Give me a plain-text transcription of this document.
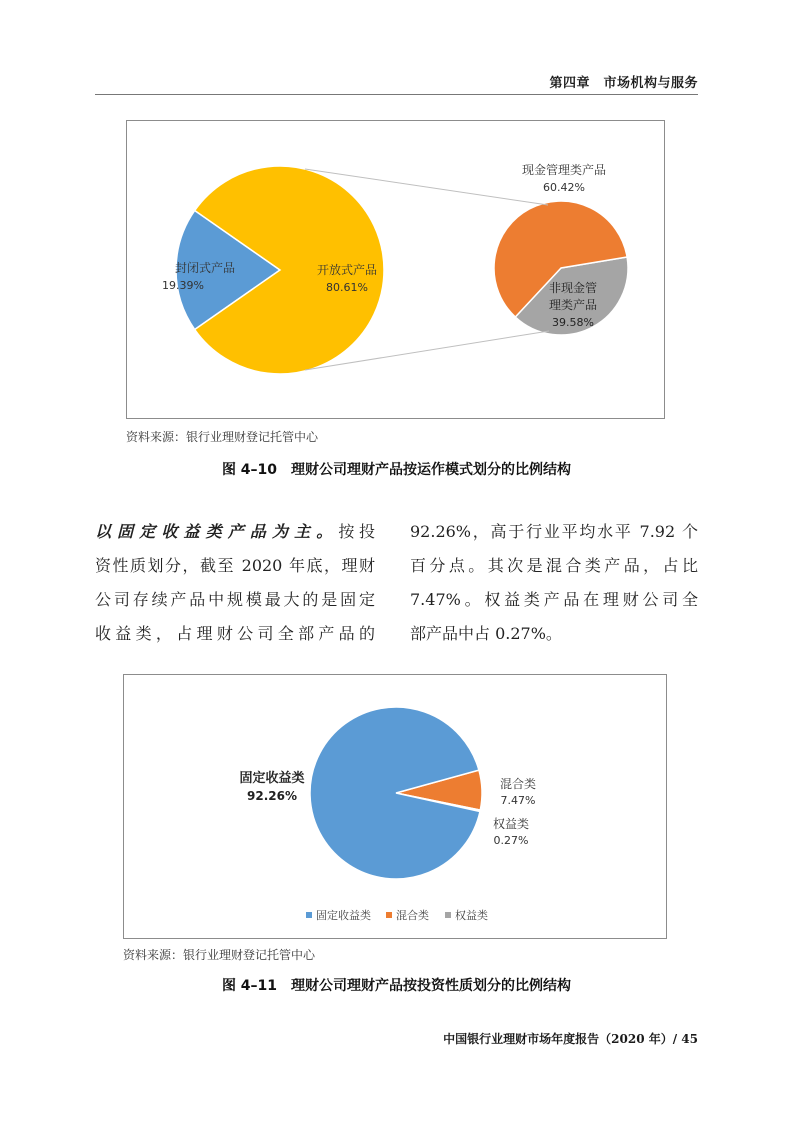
第四章　市场机构与服务
封闭式产品
19.39%
开放式产品
80.61%
现金管理类产品
60.42%
非现金管
理类产品
39.58%
资料来源：银行业理财登记托管中心
图 4–10　理财公司理财产品按运作模式划分的比例结构
以固定收益类产品为主。按投
资性质划分，截至 2020 年底，理财
公司存续产品中规模最大的是固定
收益类，占理财公司全部产品的
92.26%，高于行业平均水平 7.92 个
百分点。其次是混合类产品，占比
7.47%。权益类产品在理财公司全
部产品中占 0.27%。
固定收益类
92.26%
混合类
7.47%
权益类
0.27%
固定收益类 混合类 权益类
资料来源：银行业理财登记托管中心
图 4–11　理财公司理财产品按投资性质划分的比例结构
中国银行业理财市场年度报告（2020 年）/ 45
